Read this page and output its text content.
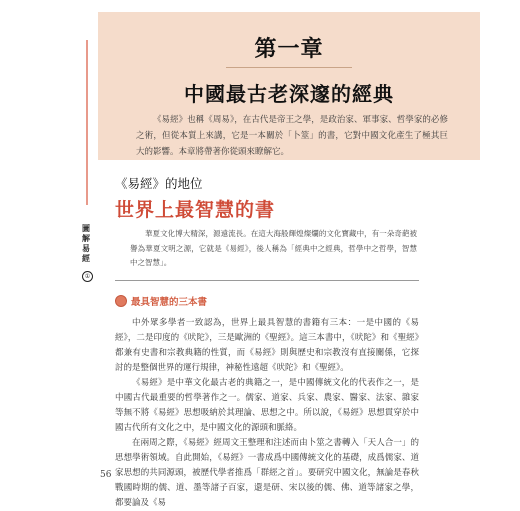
第一章
中國最古老深邃的經典
《易經》也稱《周易》，在古代是帝王之學，是政治家、軍事家、哲學家的必修之術，但從本質上來講，它是一本關於「卜筮」的書，它對中國文化產生了極其巨大的影響。本章將帶著你從頭來瞭解它。
圖解易經
①
《易經》的地位
世界上最智慧的書
華夏文化博大精深，源遠流長。在這大海般輝煌燦爛的文化寶藏中，有一朵奇葩被譽為華夏文明之源，它就是《易經》，後人稱為「經典中之經典，哲學中之哲學，智慧中之智慧」。
最具智慧的三本書

中外眾多學者一致認為，世界上最具智慧的書籍有三本：一是中國的《易經》，二是印度的《吠陀》，三是歐洲的《聖經》。這三本書中，《吠陀》和《聖經》都兼有史書和宗教典籍的性質，而《易經》則與歷史和宗教沒有直接關係，它探討的是整個世界的運行規律，神秘性遠超《吠陀》和《聖經》。

《易經》是中華文化最古老的典籍之一，是中國傳統文化的代表作之一，是中國古代最重要的哲學著作之一。儒家、道家、兵家、農家、醫家、法家、雜家等無不將《易經》思想吸納於其理論、思想之中。所以說，《易經》思想貫穿於中國古代所有文化之中，是中國文化的源頭和脈絡。

在兩周之際，《易經》經周文王整理和注述而由卜筮之書轉入「天人合一」的思想學術領域。自此開始，《易經》一書成爲中國傳統文化的基礎，成爲儒家、道家思想的共同源頭，被歷代學者推爲「群經之首」。要研究中國文化，無論是春秋戰國時期的儒、道、墨等諸子百家，還是研、宋以後的儒、佛、道等諸家之學，都要論及《易

56
